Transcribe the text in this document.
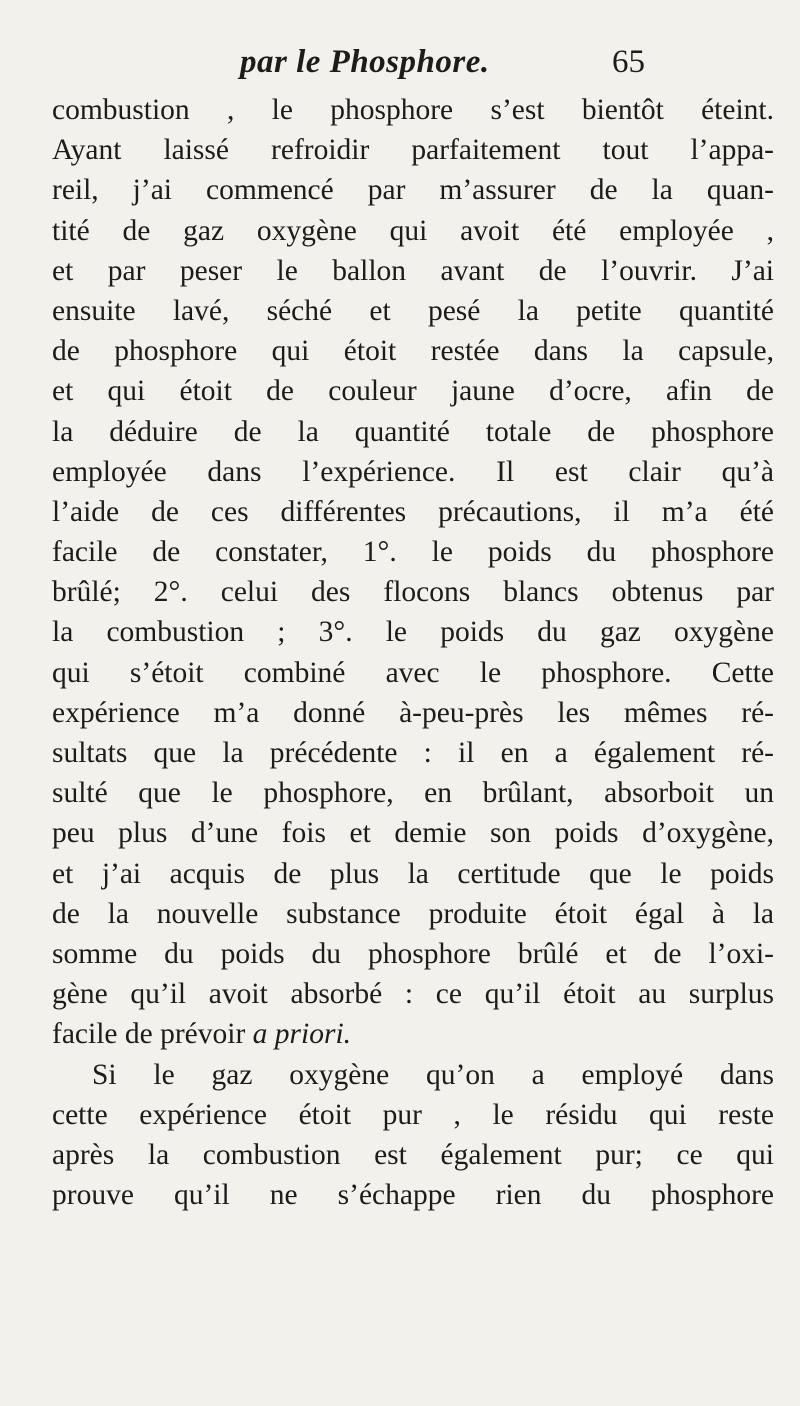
par le Phosphore.	65
combustion , le phosphore s’est bientôt éteint.
Ayant laissé refroidir parfaitement tout l’appa-
reil, j’ai commencé par m’assurer de la quan-
tité de gaz oxygène qui avoit été employée ,
et par peser le ballon avant de l’ouvrir. J’ai
ensuite lavé, séché et pesé la petite quantité
de phosphore qui étoit restée dans la capsule,
et qui étoit de couleur jaune d’ocre, afin de
la déduire de la quantité totale de phosphore
employée dans l’expérience. Il est clair qu’à
l’aide de ces différentes précautions, il m’a été
facile de constater, 1°. le poids du phosphore
brûlé; 2°. celui des flocons blancs obtenus par
la combustion ; 3°. le poids du gaz oxygène
qui s’étoit combiné avec le phosphore. Cette
expérience m’a donné à-peu-près les mêmes ré-
sultats que la précédente : il en a également ré-
sulté que le phosphore, en brûlant, absorboit un
peu plus d’une fois et demie son poids d’oxygène,
et j’ai acquis de plus la certitude que le poids
de la nouvelle substance produite étoit égal à la
somme du poids du phosphore brûlé et de l’oxi-
gène qu’il avoit absorbé : ce qu’il étoit au surplus
facile de prévoir a priori.
Si le gaz oxygène qu’on a employé dans
cette expérience étoit pur , le résidu qui reste
après la combustion est également pur; ce qui
prouve qu’il ne s’échappe rien du phosphore
